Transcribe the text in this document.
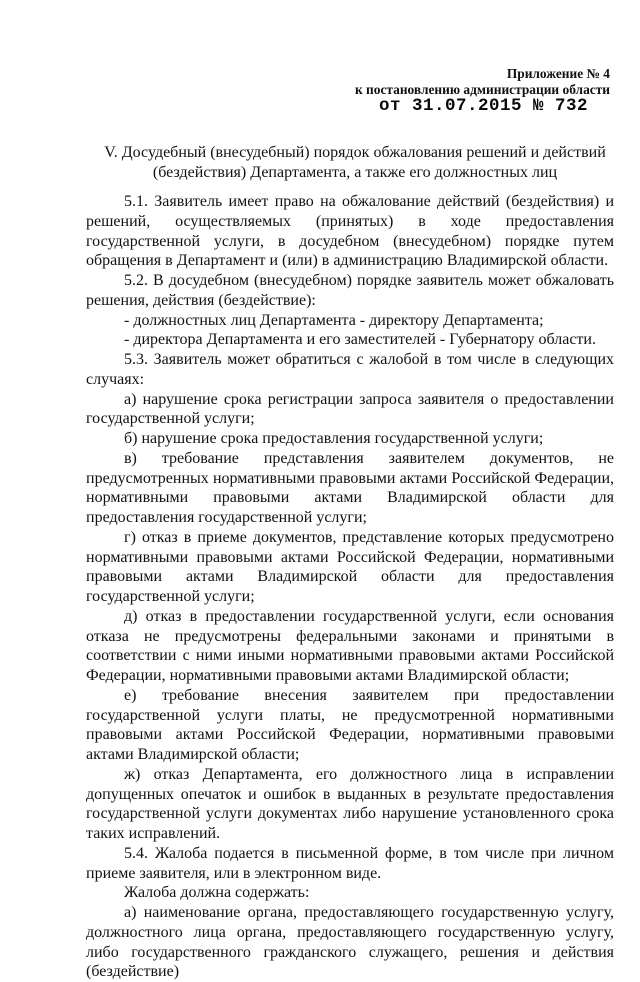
Приложение № 4
к постановлению администрации области
от 31.07.2015 № 732
V. Досудебный (внесудебный) порядок обжалования решений и действий (бездействия) Департамента, а также его должностных лиц

5.1. Заявитель имеет право на обжалование действий (бездействия) и решений, осуществляемых (принятых) в ходе предоставления государственной услуги, в досудебном (внесудебном) порядке путем обращения в Департамент и (или) в администрацию Владимирской области.

5.2. В досудебном (внесудебном) порядке заявитель может обжаловать решения, действия (бездействие):

- должностных лиц Департамента - директору Департамента;

- директора Департамента и его заместителей - Губернатору области.

5.3. Заявитель может обратиться с жалобой в том числе в следующих случаях:

а) нарушение срока регистрации запроса заявителя о предоставлении государственной услуги;

б) нарушение срока предоставления государственной услуги;

в) требование представления заявителем документов, не предусмотренных нормативными правовыми актами Российской Федерации, нормативными правовыми актами Владимирской области для предоставления государственной услуги;

г) отказ в приеме документов, представление которых предусмотрено нормативными правовыми актами Российской Федерации, нормативными правовыми актами Владимирской области для предоставления государственной услуги;

д) отказ в предоставлении государственной услуги, если основания отказа не предусмотрены федеральными законами и принятыми в соответствии с ними иными нормативными правовыми актами Российской Федерации, нормативными правовыми актами Владимирской области;

е) требование внесения заявителем при предоставлении государственной услуги платы, не предусмотренной нормативными правовыми актами Российской Федерации, нормативными правовыми актами Владимирской области;

ж) отказ Департамента, его должностного лица в исправлении допущенных опечаток и ошибок в выданных в результате предоставления государственной услуги документах либо нарушение установленного срока таких исправлений.

5.4. Жалоба подается в письменной форме, в том числе при личном приеме заявителя, или в электронном виде.

Жалоба должна содержать:

а) наименование органа, предоставляющего государственную услугу, должностного лица органа, предоставляющего государственную услугу, либо государственного гражданского служащего, решения и действия (бездействие)
